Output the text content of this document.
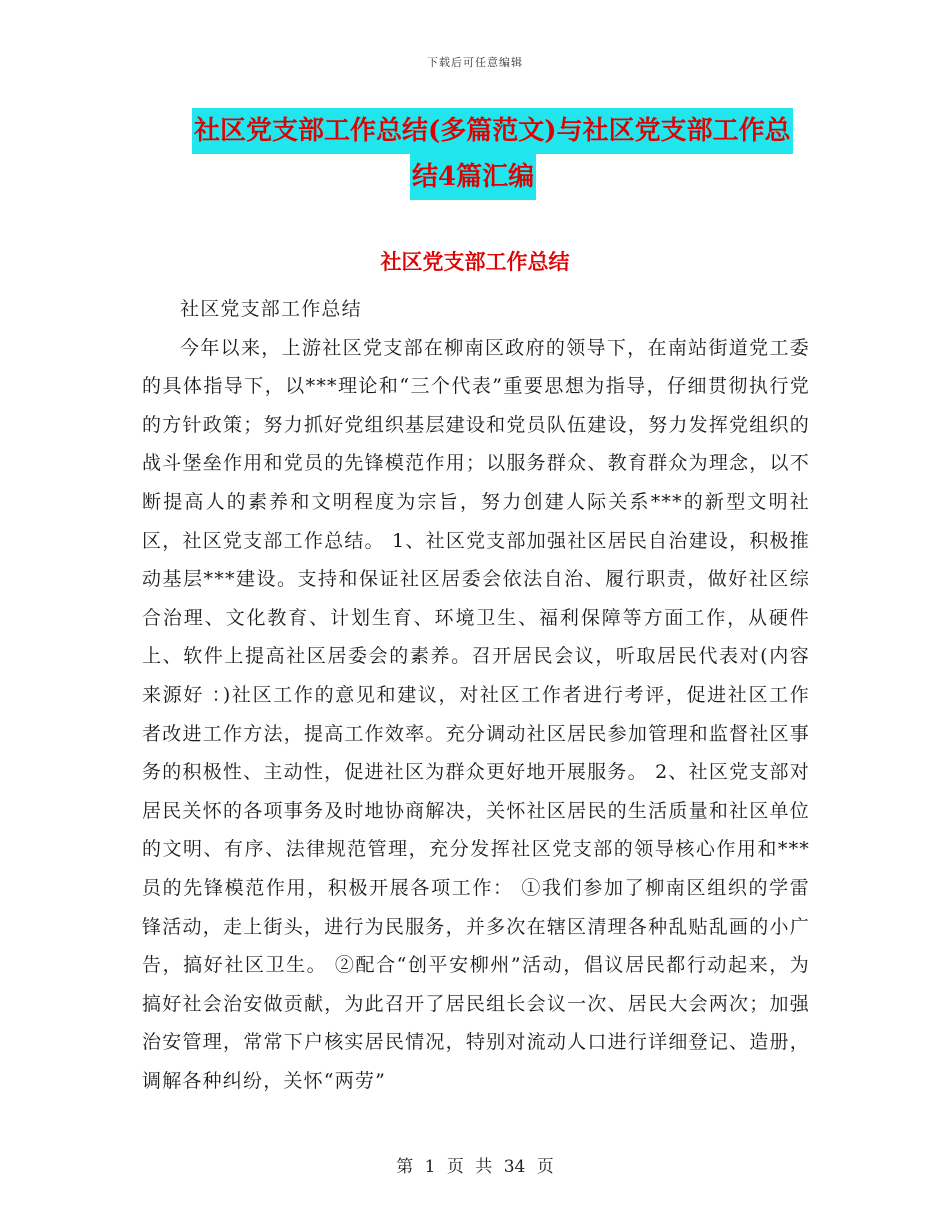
下载后可任意编辑
社区党支部工作总结(多篇范文)与社区党支部工作总
结4篇汇编
社区党支部工作总结

社区党支部工作总结

今年以来，上游社区党支部在柳南区政府的领导下，在南站街道党工委的具体指导下，以***理论和“三个代表”重要思想为指导，仔细贯彻执行党的方针政策；努力抓好党组织基层建设和党员队伍建设，努力发挥党组织的战斗堡垒作用和党员的先锋模范作用；以服务群众、教育群众为理念，以不断提高人的素养和文明程度为宗旨，努力创建人际关系***的新型文明社区，社区党支部工作总结。 1、社区党支部加强社区居民自治建设，积极推动基层***建设。支持和保证社区居委会依法自治、履行职责，做好社区综合治理、文化教育、计划生育、环境卫生、福利保障等方面工作，从硬件上、软件上提高社区居委会的素养。召开居民会议，听取居民代表对(内容来源好 ：)社区工作的意见和建议，对社区工作者进行考评，促进社区工作者改进工作方法，提高工作效率。充分调动社区居民参加管理和监督社区事务的积极性、主动性，促进社区为群众更好地开展服务。 2、社区党支部对居民关怀的各项事务及时地协商解决，关怀社区居民的生活质量和社区单位的文明、有序、法律规范管理，充分发挥社区党支部的领导核心作用和***员的先锋模范作用，积极开展各项工作： ①我们参加了柳南区组织的学雷锋活动，走上街头，进行为民服务，并多次在辖区清理各种乱贴乱画的小广告，搞好社区卫生。 ②配合“创平安柳州”活动，倡议居民都行动起来，为搞好社会治安做贡献，为此召开了居民组长会议一次、居民大会两次；加强治安管理，常常下户核实居民情况，特别对流动人口进行详细登记、造册，调解各种纠纷，关怀“两劳”

第 1 页 共 34 页
